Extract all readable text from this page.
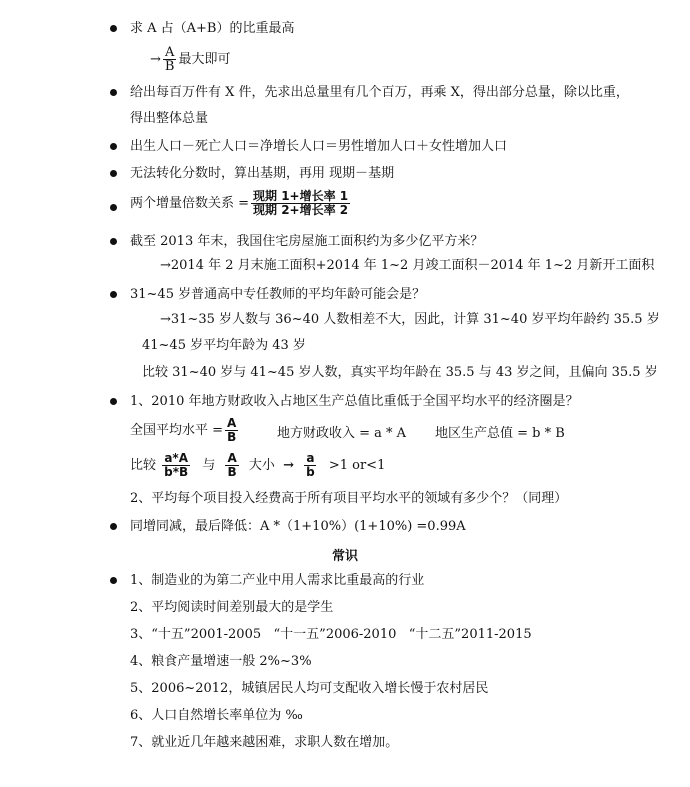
求 A 占（A+B）的比重最高
→ $\frac{A}{B}$ 最大即可
给出每百万件有 X 件，先求出总量里有几个百万，再乘 X，得出部分总量，除以比重，
得出整体总量
出生人口－死亡人口＝净增长人口＝男性增加人口＋女性增加人口
无法转化分数时，算出基期，再用 现期－基期
两个增量倍数关系 = $\frac{\text{现期 1+增长率 1}}{\text{现期 2+增长率 2}}$
截至 2013 年末，我国住宅房屋施工面积约为多少亿平方米？
→2014 年 2 月末施工面积+2014 年 1~2 月竣工面积－2014 年 1~2 月新开工面积
31~45 岁普通高中专任教师的平均年龄可能会是？
→31~35 岁人数与 36~40 人数相差不大，因此，计算 31~40 岁平均年龄约 35.5 岁
41~45 岁平均年龄为 43 岁
比较 31~40 岁与 41~45 岁人数，真实平均年龄在 35.5 与 43 岁之间，且偏向 35.5 岁
1、2010 年地方财政收入占地区生产总值比重低于全国平均水平的经济圈是？
全国平均水平 = $\frac{A}{B}$	地方财政收入 = a * A 地区生产总值 = b * B
比较 $\frac{a*A}{b*B}$ 与 $\frac{A}{B}$ 大小 → $\frac{a}{b} >1$ or<1
2、平均每个项目投入经费高于所有项目平均水平的领域有多少个？（同理）
同增同减，最后降低：A *（1+10%）(1+10%) =0.99A
常识
1、制造业的为第二产业中用人需求比重最高的行业
2、平均阅读时间差别最大的是学生
3、“十五”2001-2005   “十一五”2006-2010   “十二五”2011-2015
4、粮食产量增速一般 2%~3%
5、2006~2012，城镇居民人均可支配收入增长慢于农村居民
6、人口自然增长率单位为 ‰
7、就业近几年越来越困难，求职人数在增加。
